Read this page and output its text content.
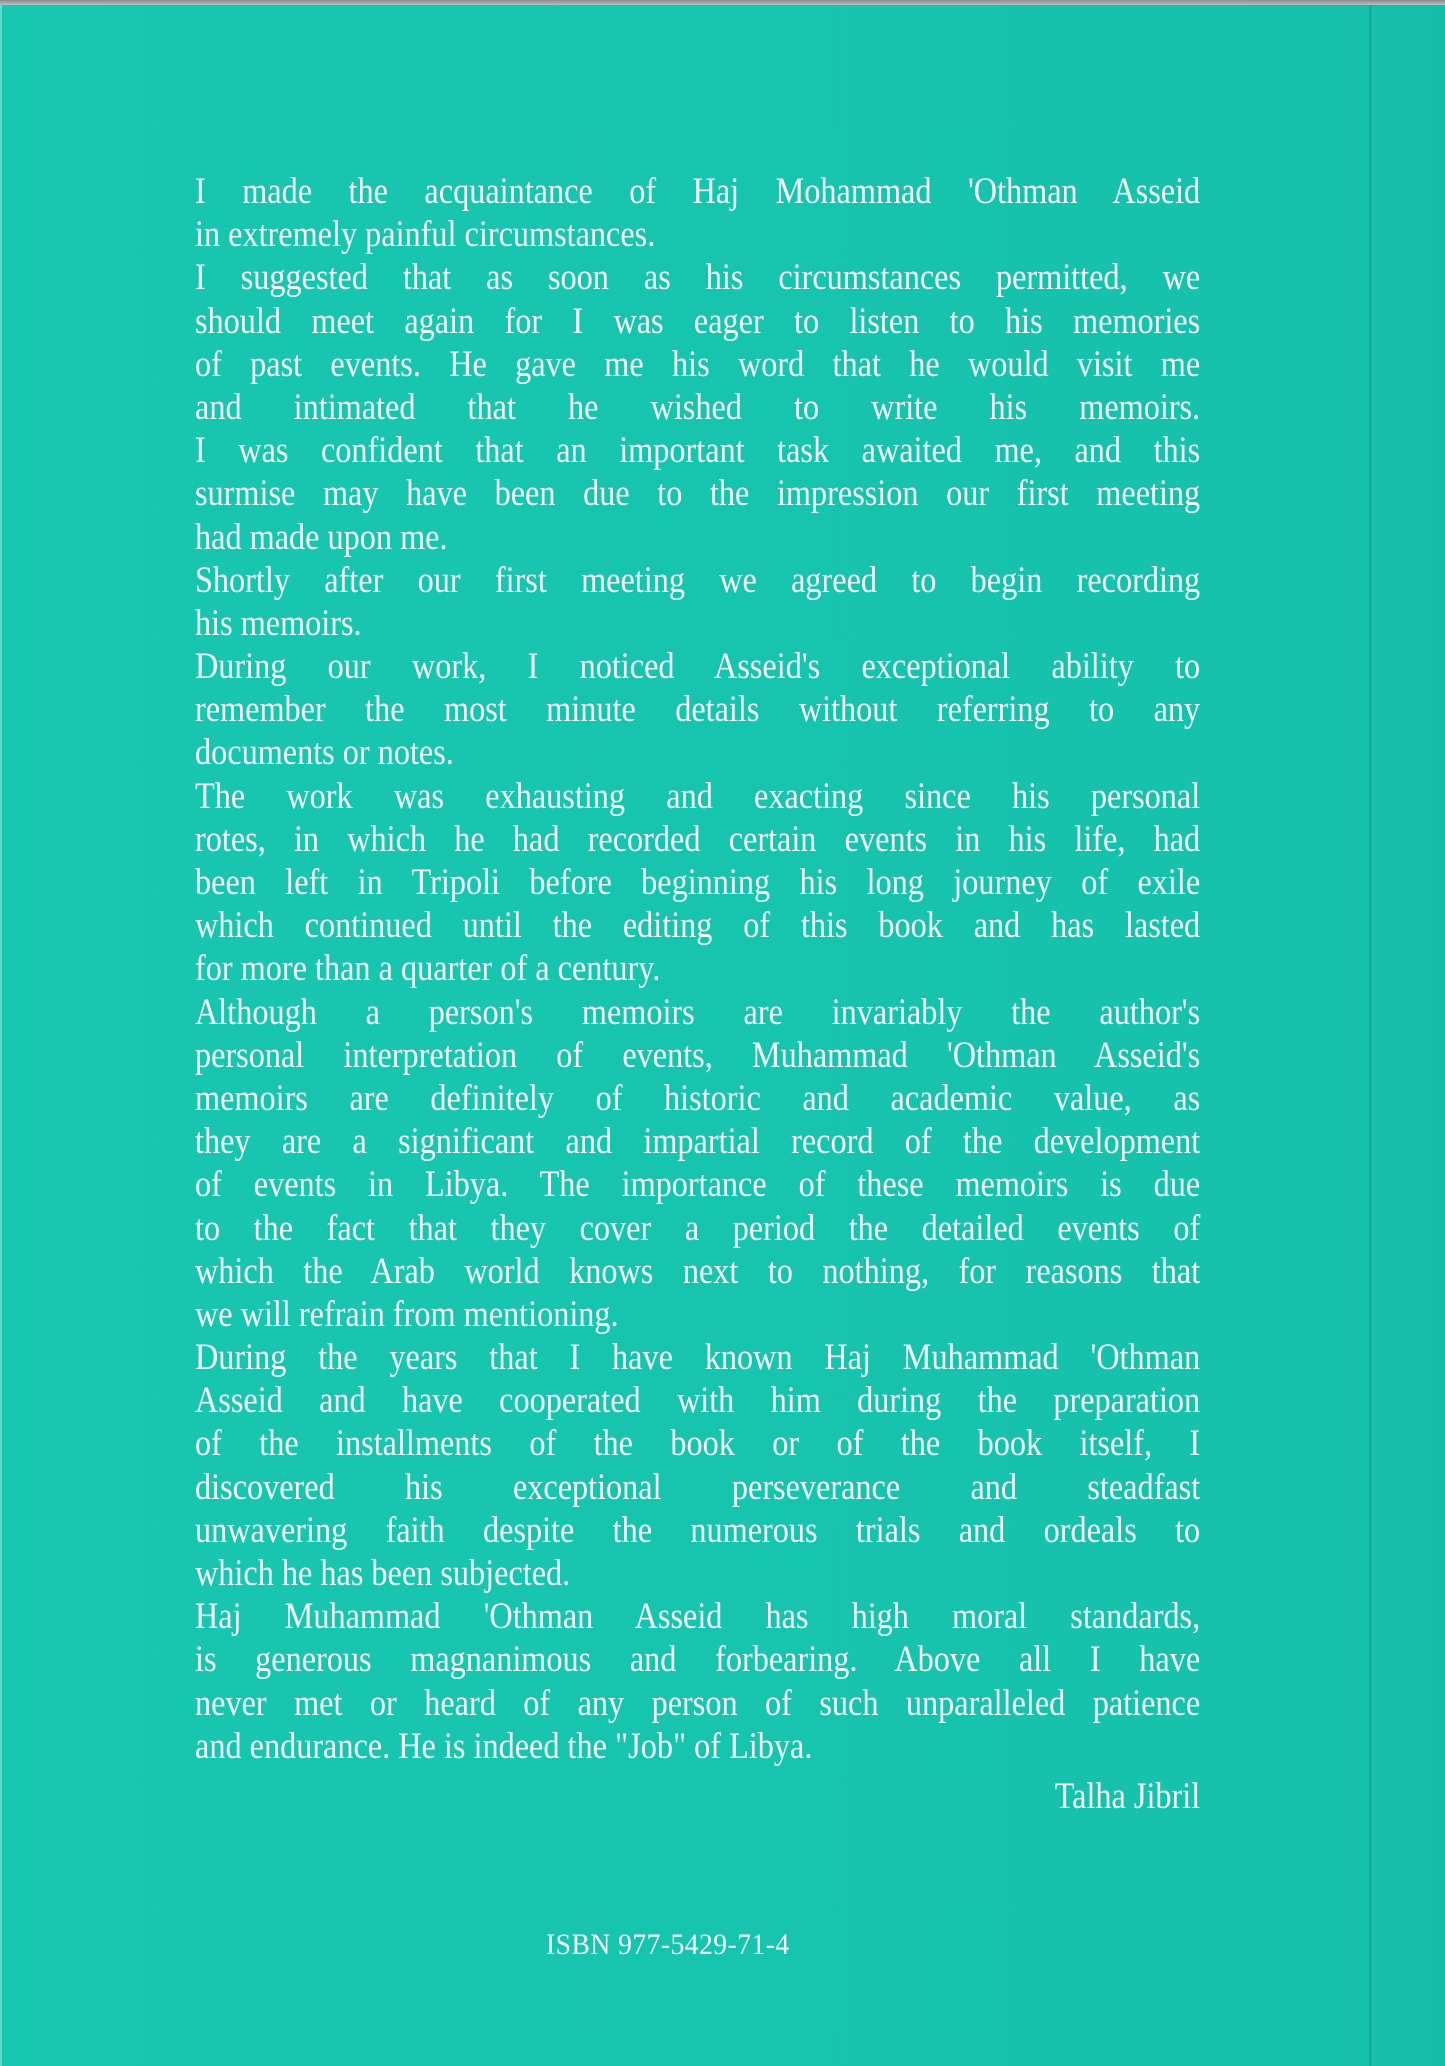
I made the acquaintance of Haj Mohammad 'Othman Asseid
in extremely painful circumstances.
I suggested that as soon as his circumstances permitted, we
should meet again for I was eager to listen to his memories
of past events. He gave me his word that he would visit me
and intimated that he wished to write his memoirs.
I was confident that an important task awaited me, and this
surmise may have been due to the impression our first meeting
had made upon me.
Shortly after our first meeting we agreed to begin recording
his memoirs.
During our work, I noticed Asseid's exceptional ability to
remember the most minute details without referring to any
documents or notes.
The work was exhausting and exacting since his personal
rotes, in which he had recorded certain events in his life, had
been left in Tripoli before beginning his long journey of exile
which continued until the editing of this book and has lasted
for more than a quarter of a century.
Although a person's memoirs are invariably the author's
personal interpretation of events, Muhammad 'Othman Asseid's
memoirs are definitely of historic and academic value, as
they are a significant and impartial record of the development
of events in Libya. The importance of these memoirs is due
to the fact that they cover a period the detailed events of
which the Arab world knows next to nothing, for reasons that
we will refrain from mentioning.
During the years that I have known Haj Muhammad 'Othman
Asseid and have cooperated with him during the preparation
of the installments of the book or of the book itself, I
discovered his exceptional perseverance and steadfast
unwavering faith despite the numerous trials and ordeals to
which he has been subjected.
Haj Muhammad 'Othman Asseid has high moral standards,
is generous magnanimous and forbearing. Above all I have
never met or heard of any person of such unparalleled patience
and endurance. He is indeed the "Job" of Libya.
Talha Jibril
ISBN 977-5429-71-4
